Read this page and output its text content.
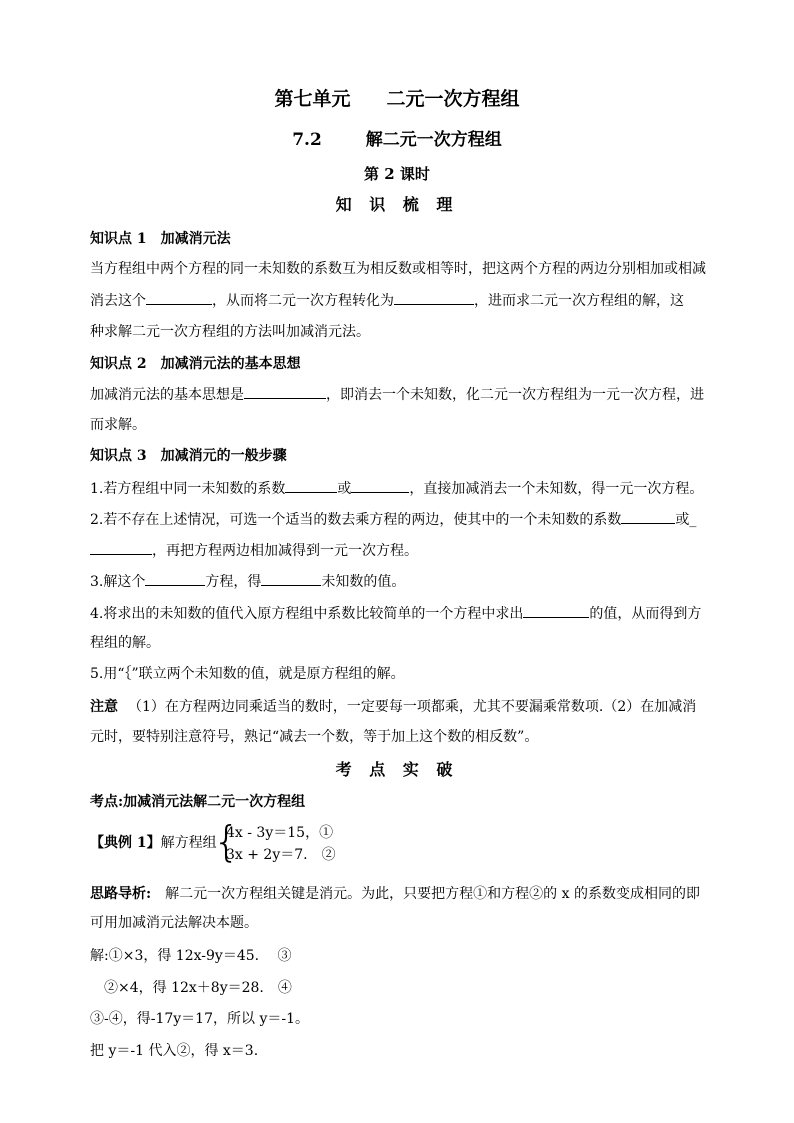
第七单元 二元一次方程组
7.2	解二元一次方程组
第 2 课时
知 识 梳 理
知识点 1　加减消元法
当方程组中两个方程的同一未知数的系数互为相反数或相等时，把这两个方程的两边分别相加或相减
消去这个	，从而将二元一次方程转化为	，进而求二元一次方程组的解，这
种求解二元一次方程组的方法叫加减消元法。
知识点 2　加减消元法的基本思想
加减消元法的基本思想是	，即消去一个未知数，化二元一次方程组为一元一次方程，进
而求解。
知识点 3　加减消元的一般步骤
1.若方程组中同一未知数的系数	或	，直接加减消去一个未知数，得一元一次方程。
2.若不存在上述情况，可选一个适当的数去乘方程的两边，使其中的一个未知数的系数	或_
，再把方程两边相加减得到一元一次方程。
3.解这个	方程，得	未知数的值。
4.将求出的未知数的值代入原方程组中系数比较简单的一个方程中求出	的值，从而得到方
程组的解。
5.用“｛”联立两个未知数的值，就是原方程组的解。
注意 （1）在方程两边同乘适当的数时，一定要每一项都乘，尤其不要漏乘常数项.（2）在加减消
元时，要特别注意符号，熟记“减去一个数，等于加上这个数的相反数”。
考 点 实 破
考点:加减消元法解二元一次方程组
【典例 1】解方程组
{
4x - 3y＝15，①
3x + 2y＝7.　②
思路导析:　解二元一次方程组关键是消元。为此，只要把方程①和方程②的 x 的系数变成相同的即
可用加减消元法解决本题。
解:①×3，得 12x-9y＝45.　 ③
　②×4，得 12x＋8y＝28.　④
③-④，得-17y＝17，所以 y＝-1。
把 y＝-1 代入②，得 x＝3.
